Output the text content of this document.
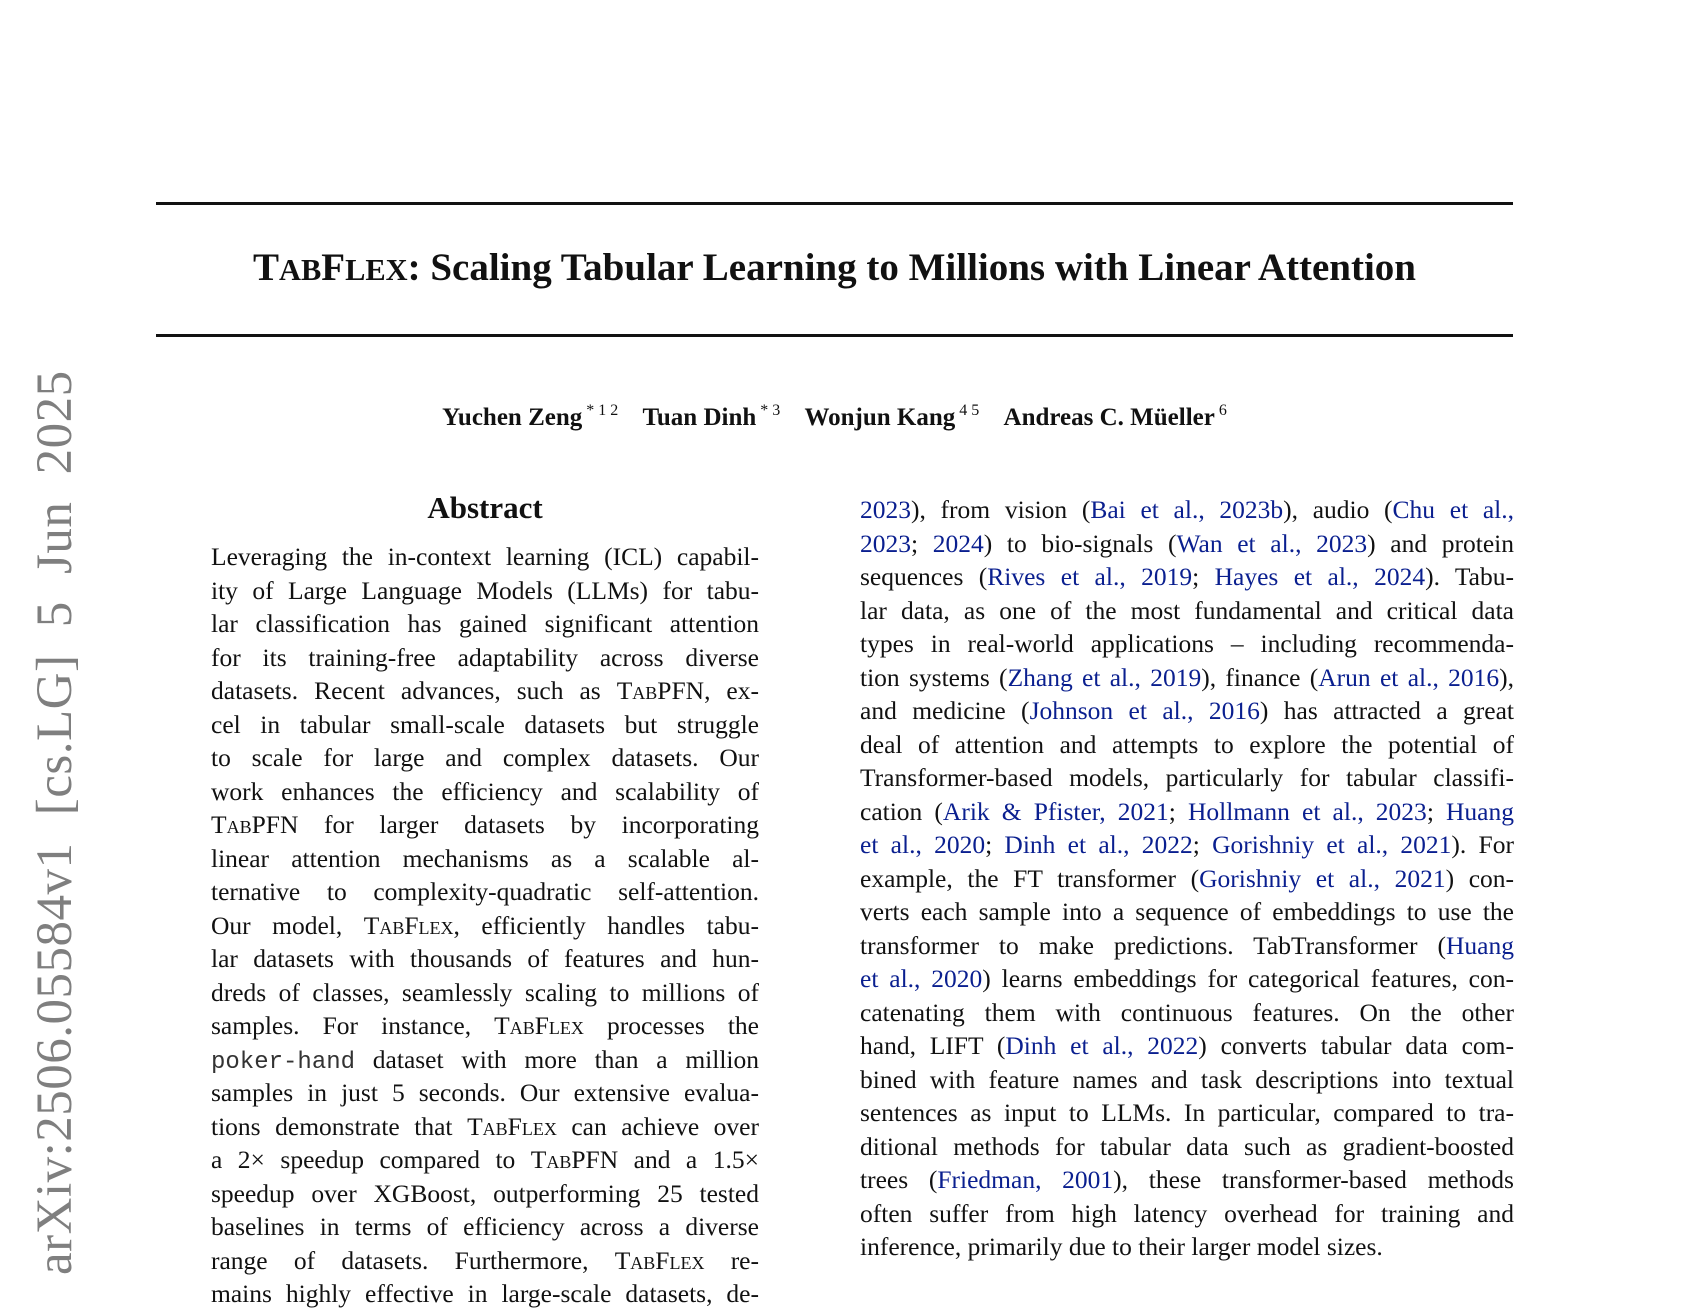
TABFLEX: Scaling Tabular Learning to Millions with Linear Attention
Yuchen Zeng $^{* 1 2}$ Tuan Dinh $^{* 3}$ Wonjun Kang $^{4 5}$ Andreas C. Müeller $^6$
arXiv:2506.05584v1 [cs.LG] 5 Jun 2025	Abstract
Leveraging the in-context learning (ICL) capabil-
ity of Large Language Models (LLMs) for tabu-
lar classification has gained significant attention
for its training-free adaptability across diverse
datasets. Recent advances, such as TabPFN, ex-
cel in tabular small-scale datasets but struggle
to scale for large and complex datasets. Our
work enhances the efficiency and scalability of
TabPFN for larger datasets by incorporating
linear attention mechanisms as a scalable al-
ternative to complexity-quadratic self-attention.
Our model, TabFlex, efficiently handles tabu-
lar datasets with thousands of features and hun-
dreds of classes, seamlessly scaling to millions of
samples. For instance, TabFlex processes the
poker-hand dataset with more than a million
samples in just 5 seconds. Our extensive evalua-
tions demonstrate that TabFlex can achieve over
a 2× speedup compared to TabPFN and a 1.5×
speedup over XGBoost, outperforming 25 tested
baselines in terms of efficiency across a diverse
range of datasets. Furthermore, TabFlex re-
mains highly effective in large-scale datasets, de-
2023), from vision (Bai et al., 2023b), audio (Chu et al.,
2023; 2024) to bio-signals (Wan et al., 2023) and protein
sequences (Rives et al., 2019; Hayes et al., 2024). Tabu-
lar data, as one of the most fundamental and critical data
types in real-world applications – including recommenda-
tion systems (Zhang et al., 2019), finance (Arun et al., 2016),
and medicine (Johnson et al., 2016) has attracted a great
deal of attention and attempts to explore the potential of
Transformer-based models, particularly for tabular classifi-
cation (Arik & Pfister, 2021; Hollmann et al., 2023; Huang
et al., 2020; Dinh et al., 2022; Gorishniy et al., 2021). For
example, the FT transformer (Gorishniy et al., 2021) con-
verts each sample into a sequence of embeddings to use the
transformer to make predictions. TabTransformer (Huang
et al., 2020) learns embeddings for categorical features, con-
catenating them with continuous features. On the other
hand, LIFT (Dinh et al., 2022) converts tabular data com-
bined with feature names and task descriptions into textual
sentences as input to LLMs. In particular, compared to tra-
ditional methods for tabular data such as gradient-boosted
trees (Friedman, 2001), these transformer-based methods
often suffer from high latency overhead for training and
inference, primarily due to their larger model sizes.
